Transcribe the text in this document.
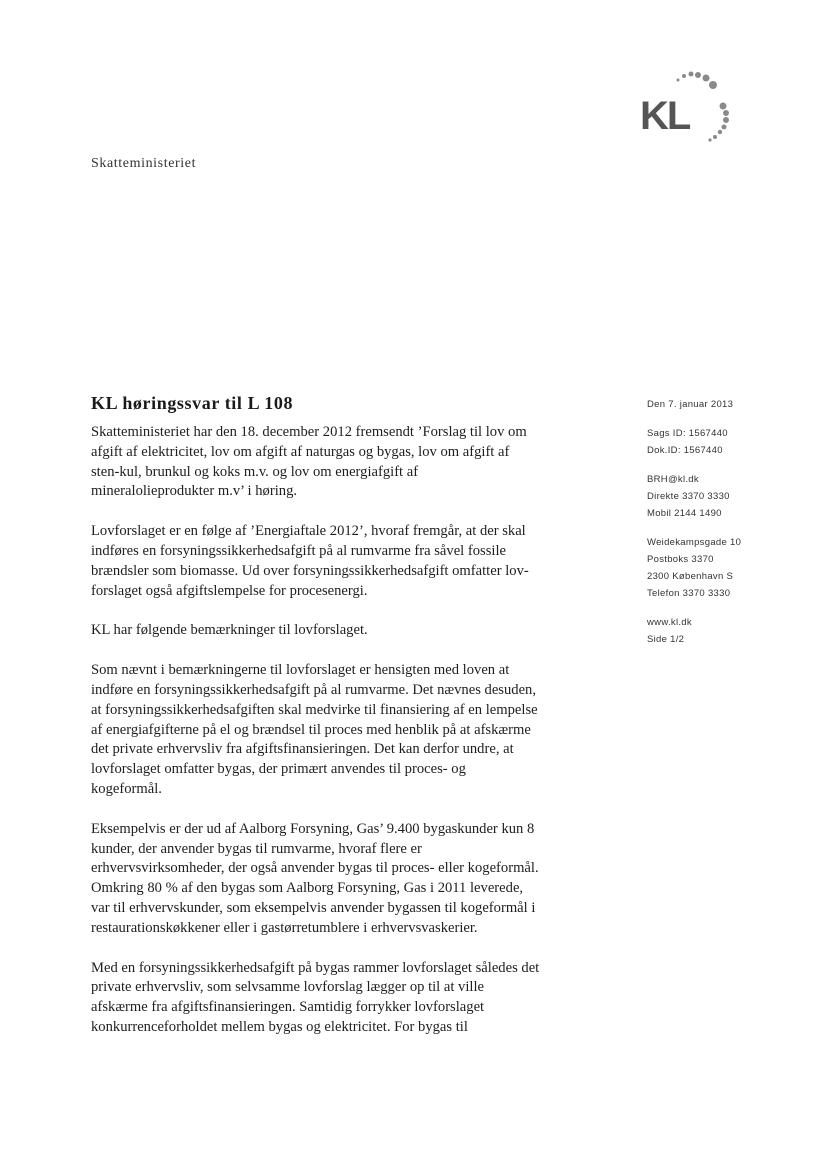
KL
Skatteministeriet
KL høringssvar til L 108

Skatteministeriet har den 18. december 2012 fremsendt ’Forslag til lov om
afgift af elektricitet, lov om afgift af naturgas og bygas, lov om afgift af
sten-kul, brunkul og koks m.v. og lov om energiafgift af
mineralolieprodukter m.v’ i høring.

Lovforslaget er en følge af ’Energiaftale 2012’, hvoraf fremgår, at der skal
indføres en forsyningssikkerhedsafgift på al rumvarme fra såvel fossile
brændsler som biomasse. Ud over forsyningssikkerhedsafgift omfatter lov-
forslaget også afgiftslempelse for procesenergi.

KL har følgende bemærkninger til lovforslaget.

Som nævnt i bemærkningerne til lovforslaget er hensigten med loven at
indføre en forsyningssikkerhedsafgift på al rumvarme. Det nævnes desuden,
at forsyningssikkerhedsafgiften skal medvirke til finansiering af en lempelse
af energiafgifterne på el og brændsel til proces med henblik på at afskærme
det private erhvervsliv fra afgiftsfinansieringen. Det kan derfor undre, at
lovforslaget omfatter bygas, der primært anvendes til proces- og
kogeformål.

Eksempelvis er der ud af Aalborg Forsyning, Gas’ 9.400 bygaskunder kun 8
kunder, der anvender bygas til rumvarme, hvoraf flere er
erhvervsvirksomheder, der også anvender bygas til proces- eller kogeformål.
Omkring 80 % af den bygas som Aalborg Forsyning, Gas i 2011 leverede,
var til erhvervskunder, som eksempelvis anvender bygassen til kogeformål i
restaurationskøkkener eller i gastørretumblere i erhvervsvaskerier.

Med en forsyningssikkerhedsafgift på bygas rammer lovforslaget således det
private erhvervsliv, som selvsamme lovforslag lægger op til at ville
afskærme fra afgiftsfinansieringen. Samtidig forrykker lovforslaget
konkurrenceforholdet mellem bygas og elektricitet. For bygas til

Den 7. januar 2013
Sags ID: 1567440
Dok.ID: 1567440
BRH@kl.dk
Direkte 3370 3330
Mobil 2144 1490
Weidekampsgade 10
Postboks 3370
2300 København S
Telefon 3370 3330
www.kl.dk
Side 1/2
